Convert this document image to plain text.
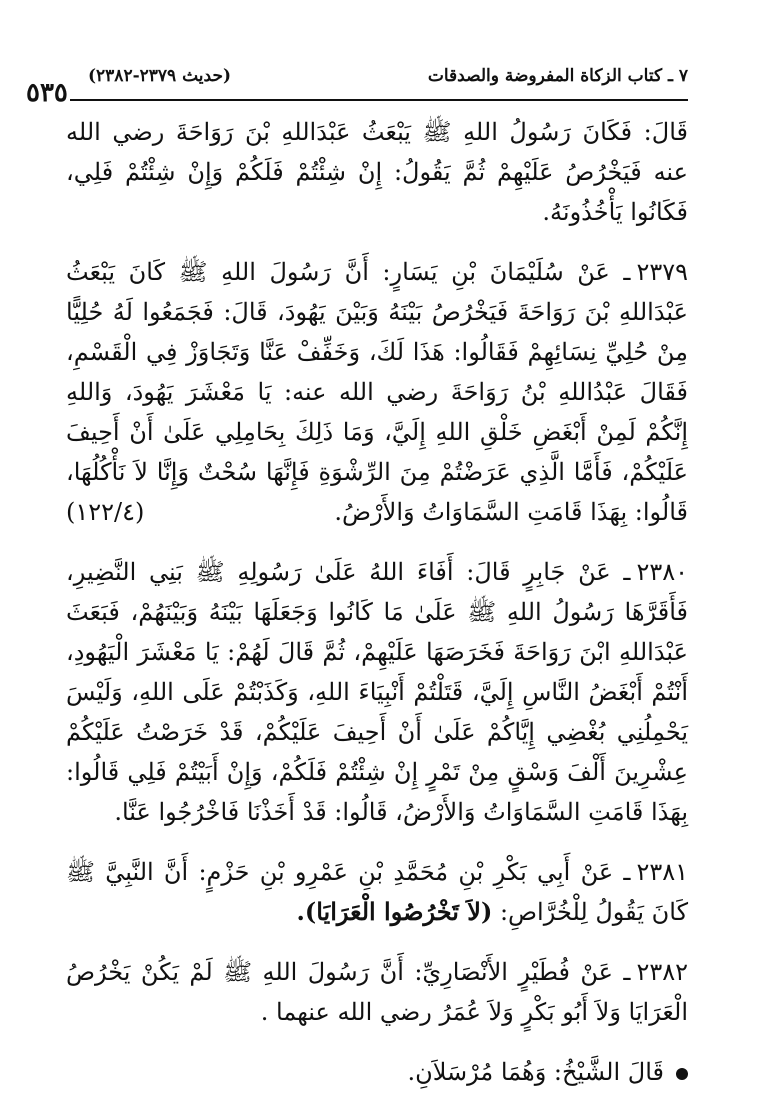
٥٣٥
٧ ـ كتاب الزكاة المفروضة والصدقات
(حديث ٢٣٧٩-٢٣٨٢)

قَالَ: فَكَانَ رَسُولُ اللهِ ﷺ يَبْعَثُ عَبْدَاللهِ بْنَ رَوَاحَةَ رضي الله عنه فَيَخْرُصُ عَلَيْهِمْ ثُمَّ يَقُولُ: إِنْ شِئْتُمْ فَلَكُمْ وَإِنْ شِئْتُمْ فَلِي، فَكَانُوا يَأْخُذُونَهُ.

٢٣٧٩ـ عَنْ سُلَيْمَانَ بْنِ يَسَارٍ: أَنَّ رَسُولَ اللهِ ﷺ كَانَ يَبْعَثُ عَبْدَاللهِ بْنَ رَوَاحَةَ فَيَخْرُصُ بَيْنَهُ وَبَيْنَ يَهُودَ، قَالَ: فَجَمَعُوا لَهُ حُلِيًّا مِنْ حُلِيِّ نِسَائِهِمْ فَقَالُوا: هَذَا لَكَ، وَخَفِّفْ عَنَّا وَتَجَاوَزْ فِي الْقَسْمِ، فَقَالَ عَبْدُاللهِ بْنُ رَوَاحَةَ رضي الله عنه: يَا مَعْشَرَ يَهُودَ، وَاللهِ إِنَّكُمْ لَمِنْ أَبْغَضِ خَلْقِ اللهِ إِلَيَّ، وَمَا ذَلِكَ بِحَامِلِي عَلَىٰ أَنْ أَحِيفَ عَلَيْكُمْ، فَأَمَّا الَّذِي عَرَضْتُمْ مِنَ الرِّشْوَةِ فَإِنَّهَا سُحْتٌ وَإِنَّا لاَ نَأْكُلُهَا، قَالُوا: بِهَذَا قَامَتِ السَّمَاوَاتُ وَالأَرْضُ.
(١٢٢/٤)

٢٣٨٠ـ عَنْ جَابِرٍ قَالَ: أَفَاءَ اللهُ عَلَىٰ رَسُولِهِ ﷺ بَنِي النَّضِيرِ، فَأَقَرَّهَا رَسُولُ اللهِ ﷺ عَلَىٰ مَا كَانُوا وَجَعَلَهَا بَيْنَهُ وَبَيْنَهُمْ، فَبَعَثَ عَبْدَاللهِ ابْنَ رَوَاحَةَ فَخَرَصَهَا عَلَيْهِمْ، ثُمَّ قَالَ لَهُمْ: يَا مَعْشَرَ الْيَهُودِ، أَنْتُمْ أَبْغَضُ النَّاسِ إِلَيَّ، قَتَلْتُمْ أَنْبِيَاءَ اللهِ، وَكَذَبْتُمْ عَلَى اللهِ، وَلَيْسَ يَحْمِلُنِي بُغْضِي إِيَّاكُمْ عَلَىٰ أَنْ أَحِيفَ عَلَيْكُمْ، قَدْ خَرَصْتُ عَلَيْكُمْ عِشْرِينَ أَلْفَ وَسْقٍ مِنْ تَمْرٍ إِنْ شِئْتُمْ فَلَكُمْ، وَإِنْ أَبَيْتُمْ فَلِي قَالُوا: بِهَذَا قَامَتِ السَّمَاوَاتُ وَالأَرْضُ، قَالُوا: قَدْ أَخَذْنَا فَاخْرُجُوا عَنَّا.

٢٣٨١ـ عَنْ أَبِي بَكْرِ بْنِ مُحَمَّدِ بْنِ عَمْرِو بْنِ حَزْمٍ: أَنَّ النَّبِيَّ ﷺ كَانَ يَقُولُ لِلْخُرَّاصِ: (لاَ تَخْرُصُوا الْعَرَايَا).

٢٣٨٢ـ عَنْ فُطَيْرٍ الأَنْصَارِيِّ: أَنَّ رَسُولَ اللهِ ﷺ لَمْ يَكُنْ يَخْرُصُ الْعَرَايَا وَلاَ أَبُو بَكْرٍ وَلاَ عُمَرُ رضي الله عنهما .

قَالَ الشَّيْخُ: وَهُمَا مُرْسَلاَنِ.
